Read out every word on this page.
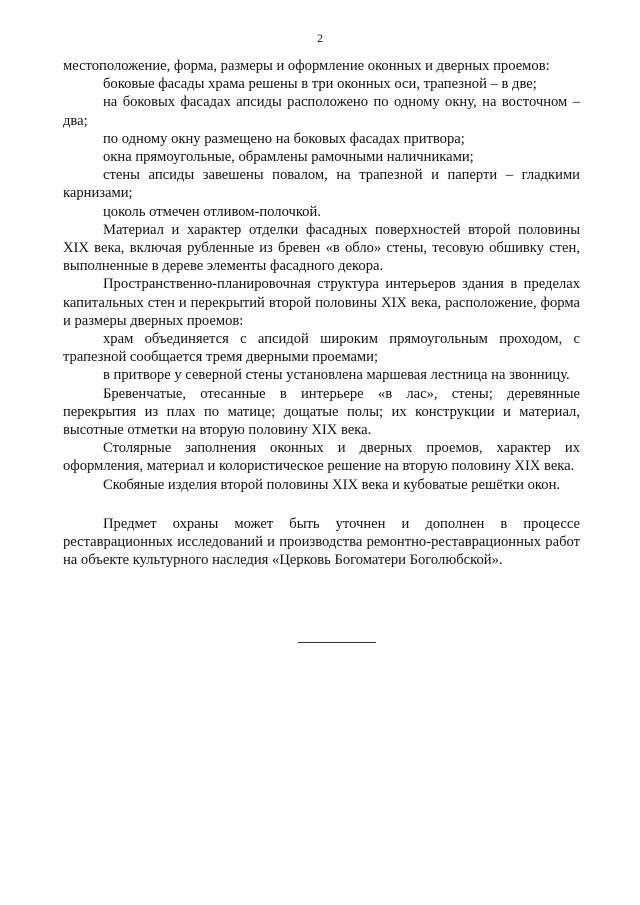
2

местоположение, форма, размеры и оформление оконных и дверных проемов:

боковые фасады храма решены в три оконных оси, трапезной – в две;

на боковых фасадах апсиды расположено по одному окну, на восточном – два;

по одному окну размещено на боковых фасадах притвора;

окна прямоугольные, обрамлены рамочными наличниками;

стены апсиды завешены повалом, на трапезной и паперти – гладкими карнизами;

цоколь отмечен отливом-полочкой.

Материал и характер отделки фасадных поверхностей второй половины XIX века, включая рубленные из бревен «в обло» стены, тесовую обшивку стен, выполненные в дереве элементы фасадного декора.

Пространственно-планировочная структура интерьеров здания в пределах капитальных стен и перекрытий второй половины XIX века, расположение, форма и размеры дверных проемов:

храм объединяется с апсидой широким прямоугольным проходом, с трапезной сообщается тремя дверными проемами;

в притворе у северной стены установлена маршевая лестница на звонницу.

Бревенчатые, отесанные в интерьере «в лас», стены; деревянные перекрытия из плах по матице; дощатые полы; их конструкции и материал, высотные отметки на вторую половину XIX века.

Столярные заполнения оконных и дверных проемов, характер их оформления, материал и колористическое решение на вторую половину XIX века.

Скобяные изделия второй половины XIX века и кубоватые решётки окон.

Предмет охраны может быть уточнен и дополнен в процессе реставрационных исследований и производства ремонтно-реставрационных работ на объекте культурного наследия «Церковь Богоматери Боголюбской».
